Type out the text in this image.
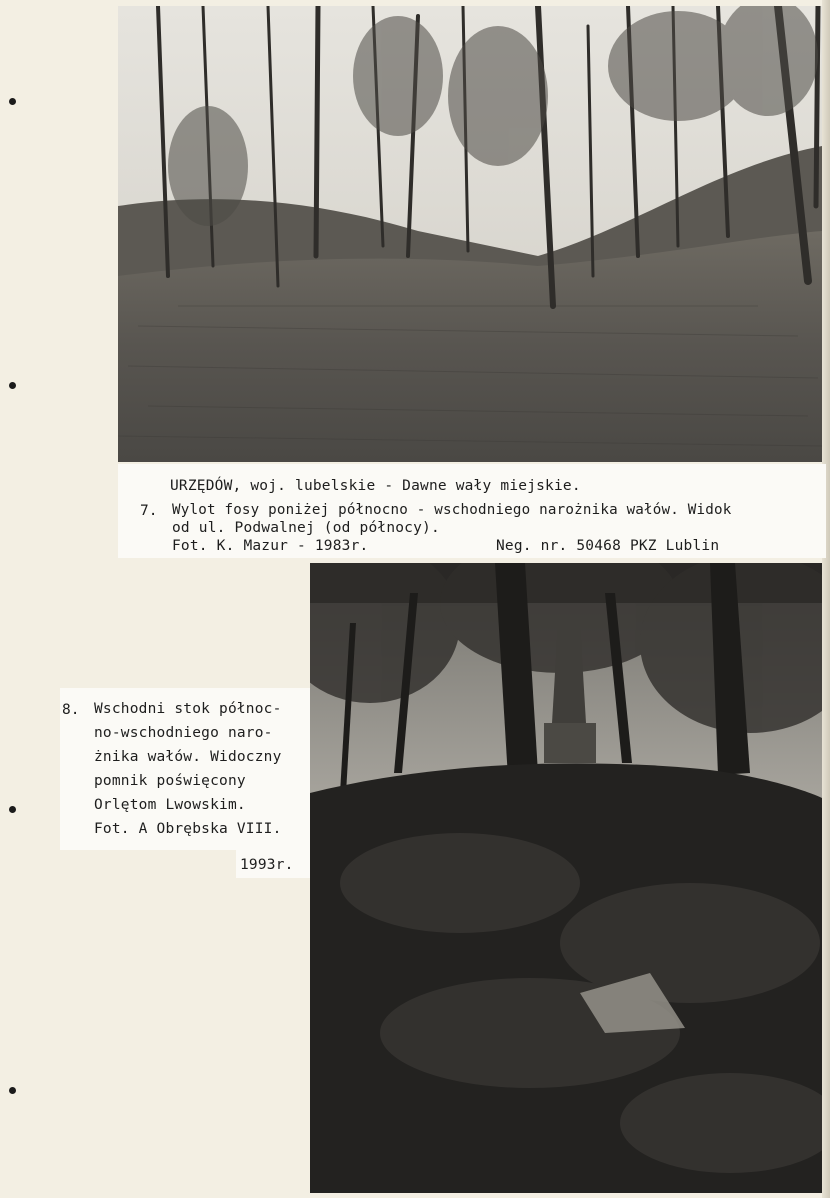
URZĘDÓW, woj. lubelskie - Dawne wały miejskie.
7. Wylot fosy poniżej północno - wschodniego narożnika wałów. Widok
od ul. Podwalnej (od północy).
Fot. K. Mazur - 1983r.	Neg. nr. 50468 PKZ Lublin
8. Wschodni stok północ-
no-wschodniego naro-
żnika wałów. Widoczny
pomnik poświęcony
Orlętom Lwowskim.
Fot. A Obrębska VIII.
1993r.
